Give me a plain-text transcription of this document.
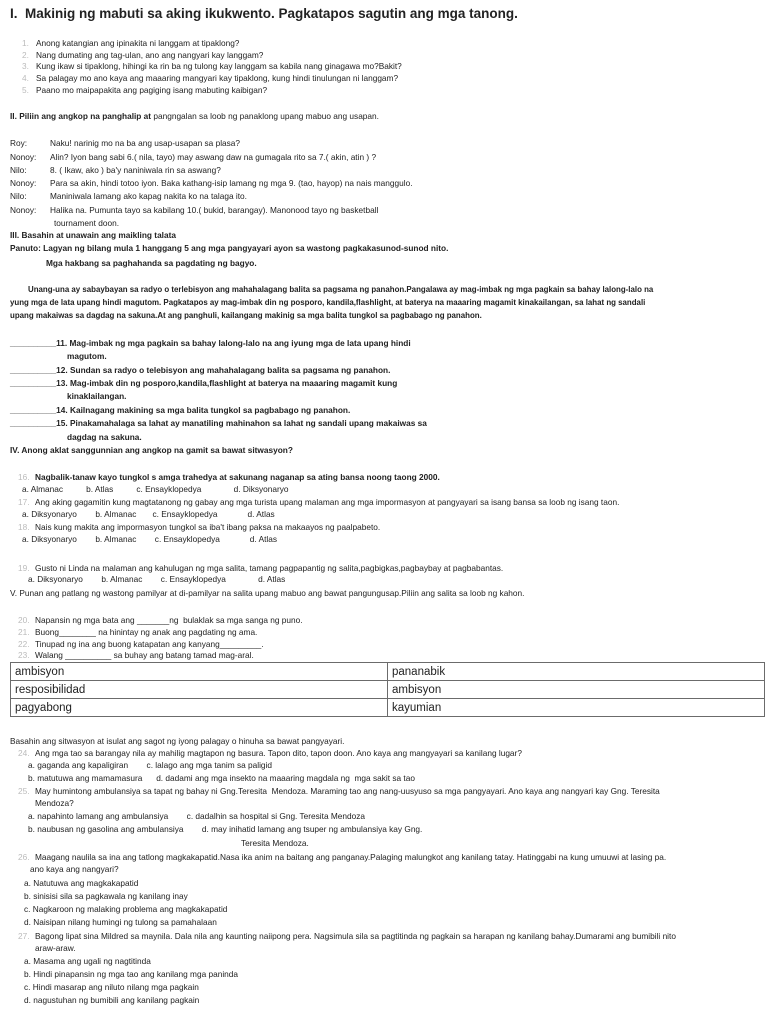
I.  Makinig ng mabuti sa aking ikukwento. Pagkatapos sagutin ang mga tanong.
1. Anong katangian ang ipinakita ni langgam at tipaklong?
2. Nang dumating ang tag-ulan, ano ang nangyari kay langgam?
3. Kung ikaw si tipaklong, hihingi ka rin ba ng tulong kay langgam sa kabila nang ginagawa mo?Bakit?
4. Sa palagay mo ano kaya ang maaaring mangyari kay tipaklong, kung hindi tinulungan ni langgam?
5. Paano mo maipapakita ang pagiging isang mabuting kaibigan?
II. Piliin ang angkop na panghalip at pangngalan sa loob ng panaklong upang mabuo ang usapan.
Roy:	Naku! narinig mo na ba ang usap-usapan sa plasa?
Nonoy: Alin? Iyon bang sabi 6.( nila, tayo) may aswang daw na gumagala rito sa 7.( akin, atin ) ?
Nilo:	8. ( Ikaw, ako ) ba'y naniniwala rin sa aswang?
Nonoy: Para sa akin, hindi totoo iyon. Baka kathang-isip lamang ng mga 9. (tao, hayop) na nais manggulo.
Nilo:	Maniniwala lamang ako kapag nakita ko na talaga ito.
Nonoy: Halika na. Pumunta tayo sa kabilang 10.( bukid, barangay). Manonood tayo ng basketball
tournament doon.
III. Basahin at unawain ang maikling talata
Panuto: Lagyan ng bilang mula 1 hanggang 5 ang mga pangyayari ayon sa wastong pagkakasunod-sunod nito.
Mga hakbang sa paghahanda sa pagdating ng bagyo.
Unang-una ay sabaybayan sa radyo o terlebisyon ang mahahalagang balita sa pagsama ng panahon.Pangalawa ay mag-imbak ng mga pagkain sa bahay lalong-lalo na
yung mga de lata upang hindi magutom. Pagkatapos ay mag-imbak din ng posporo, kandila,flashlight, at baterya na maaaring magamit kinakailangan, sa lahat ng sandali
upang makaiwas sa dagdag na sakuna.At ang panghuli, kailangang makinig sa mga balita tungkol sa pagbabago ng panahon.
__________11. Mag-imbak ng mga pagkain sa bahay lalong-lalo na ang iyung mga de lata upang hindi
magutom.
__________12. Sundan sa radyo o telebisyon ang mahahalagang balita sa pagsama ng panahon.
__________13. Mag-imbak din ng posporo,kandila,flashlight at baterya na maaaring magamit kung
kinaklailangan.
__________14. Kailnagang makining sa mga balita tungkol sa pagbabago ng panahon.
__________15. Pinakamahalaga sa lahat ay manatiling mahinahon sa lahat ng sandali upang makaiwas sa
dagdag na sakuna.
IV. Anong aklat sanggunnian ang angkop na gamit sa bawat sitwasyon?
16. Nagbalik-tanaw kayo tungkol s amga trahedya at sakunang naganap sa ating bansa noong taong 2000.
a. Almanac          b. Atlas          c. Ensayklopedya              d. Diksyonaryo
17. Ang aking gagamitin kung magtatanong ng gabay ang mga turista upang malaman ang mga impormasyon at pangyayari sa isang bansa sa loob ng isang taon.
a. Diksyonaryo        b. Almanac       c. Ensayklopedya             d. Atlas
18. Nais kung makita ang impormasyon tungkol sa iba't ibang paksa na makaayos ng paalpabeto.
a. Diksyonaryo        b. Almanac        c. Ensayklopedya             d. Atlas
19. Gusto ni Linda na malaman ang kahulugan ng mga salita, tamang pagpapantig ng salita,pagbigkas,pagbaybay at pagbabantas.
a. Diksyonaryo        b. Almanac        c. Ensayklopedya              d. Atlas
V. Punan ang patlang ng wastong pamilyar at di-pamilyar na salita upang mabuo ang bawat pangungusap.Piliin ang salita sa loob ng kahon.
20. Napansin ng mga bata ang _______ng  bulaklak sa mga sanga ng puno.
21. Buong________ na hinintay ng anak ang pagdating ng ama.
22. Tinupad ng ina ang buong katapatan ang kanyang_________.
23. Walang __________ sa buhay ang batang tamad mag-aral.
ambisyon	pananabik
resposibilidad	ambisyon
pagyabong	kayumian
Basahin ang sitwasyon at isulat ang sagot ng iyong palagay o hinuha sa bawat pangyayari.
24. Ang mga tao sa barangay nila ay mahilig magtapon ng basura. Tapon dito, tapon doon. Ano kaya ang mangyayari sa kanilang lugar?
a. gaganda ang kapaligiran        c. lalago ang mga tanim sa paligid
b. matutuwa ang mamamasura      d. dadami ang mga insekto na maaaring magdala ng  mga sakit sa tao
25. May humintong ambulansiya sa tapat ng bahay ni Gng.Teresita  Mendoza. Maraming tao ang nang-uusyuso sa mga pangyayari. Ano kaya ang nangyari kay Gng. Teresita
Mendoza?
a. napahinto lamang ang ambulansiya        c. dadalhin sa hospital si Gng. Teresita Mendoza
b. naubusan ng gasolina ang ambulansiya        d. may inihatid lamang ang tsuper ng ambulansiya kay Gng.
Teresita Mendoza.
26. Maagang naulila sa ina ang tatlong magkakapatid.Nasa ika anim na baitang ang panganay.Palaging malungkot ang kanilang tatay. Hatinggabi na kung umuuwi at lasing pa.
ano kaya ang nangyari?
a. Natutuwa ang magkakapatid
b. sinisisi sila sa pagkawala ng kanilang inay
c. Nagkaroon ng malaking problema ang magkakapatid
d. Naisipan nilang humingi ng tulong sa pamahalaan
27. Bagong lipat sina Mildred sa maynila. Dala nila ang kaunting naiipong pera. Nagsimula sila sa pagtitinda ng pagkain sa harapan ng kanilang bahay.Dumarami ang bumibili nito
araw-araw.
a. Masama ang ugali ng nagtitinda
b. Hindi pinapansin ng mga tao ang kanilang mga paninda
c. Hindi masarap ang niluto nilang mga pagkain
d. nagustuhan ng bumibili ang kanilang pagkain
